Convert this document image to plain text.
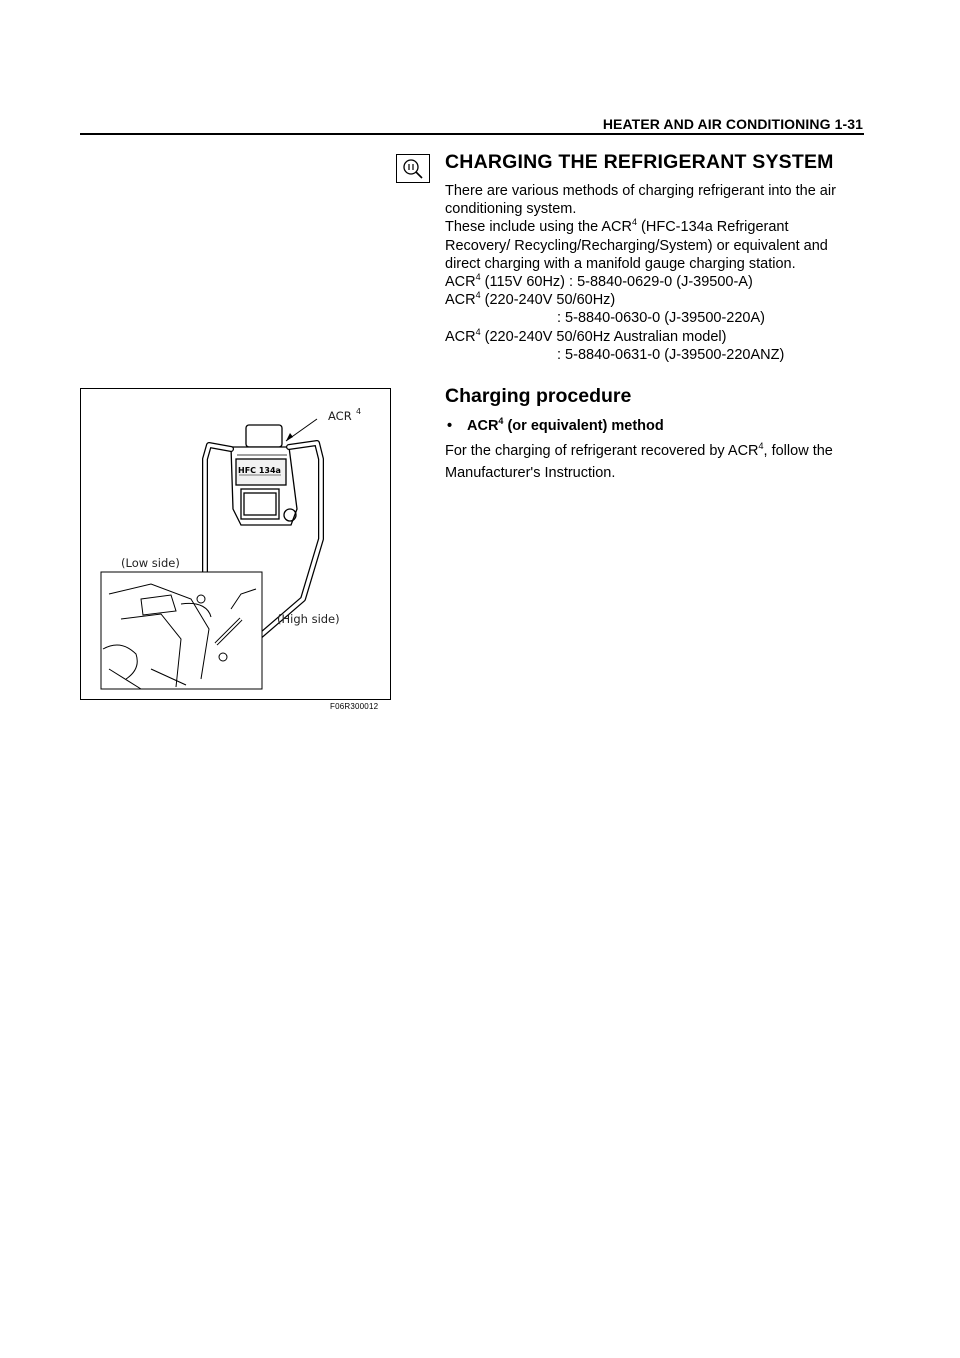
HEATER AND AIR CONDITIONING 1-31
CHARGING THE REFRIGERANT SYSTEM

There are various methods of charging refrigerant into the air

conditioning system.

These include using the ACR$^4$ (HFC-134a Refrigerant

Recovery/ Recycling/Recharging/System) or equivalent and

direct charging with a manifold gauge charging station.

ACR$^4$ (115V 60Hz) : 5-8840-0629-0 (J-39500-A)

ACR$^4$ (220-240V 50/60Hz)

: 5-8840-0630-0 (J-39500-220A)

ACR$^4$ (220-240V 50/60Hz Australian model)

: 5-8840-0631-0 (J-39500-220ANZ)

Charging procedure
• ACR$^4$ (or equivalent) method
For the charging of refrigerant recovered by ACR$^4$, follow the Manufacturer's Instruction.
HFC 134a
(Low side)
(High side)
ACR 4
F06R300012
